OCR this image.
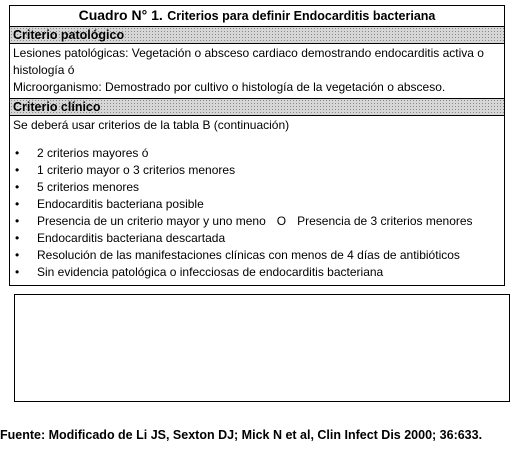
Cuadro N° 1. Criterios para definir Endocarditis bacteriana
Criterio patológico
Lesiones patológicas: Vegetación o absceso cardiaco demostrando endocarditis activa o
histología ó
Microorganismo: Demostrado por cultivo o histología de la vegetación o absceso.
Criterio clínico
Se deberá usar criterios de la tabla B (continuación)
• 2 criterios mayores ó
• 1 criterio mayor o 3 criterios menores
• 5 criterios menores
• Endocarditis bacteriana posible
• Presencia de un criterio mayor y uno meno O Presencia de 3 criterios menores
• Endocarditis bacteriana descartada
• Resolución de las manifestaciones clínicas con menos de 4 días de antibióticos
• Sin evidencia patológica o infecciosas de endocarditis bacteriana
Fuente: Modificado de Li JS, Sexton DJ; Mick N et al, Clin Infect Dis 2000; 36:633.
